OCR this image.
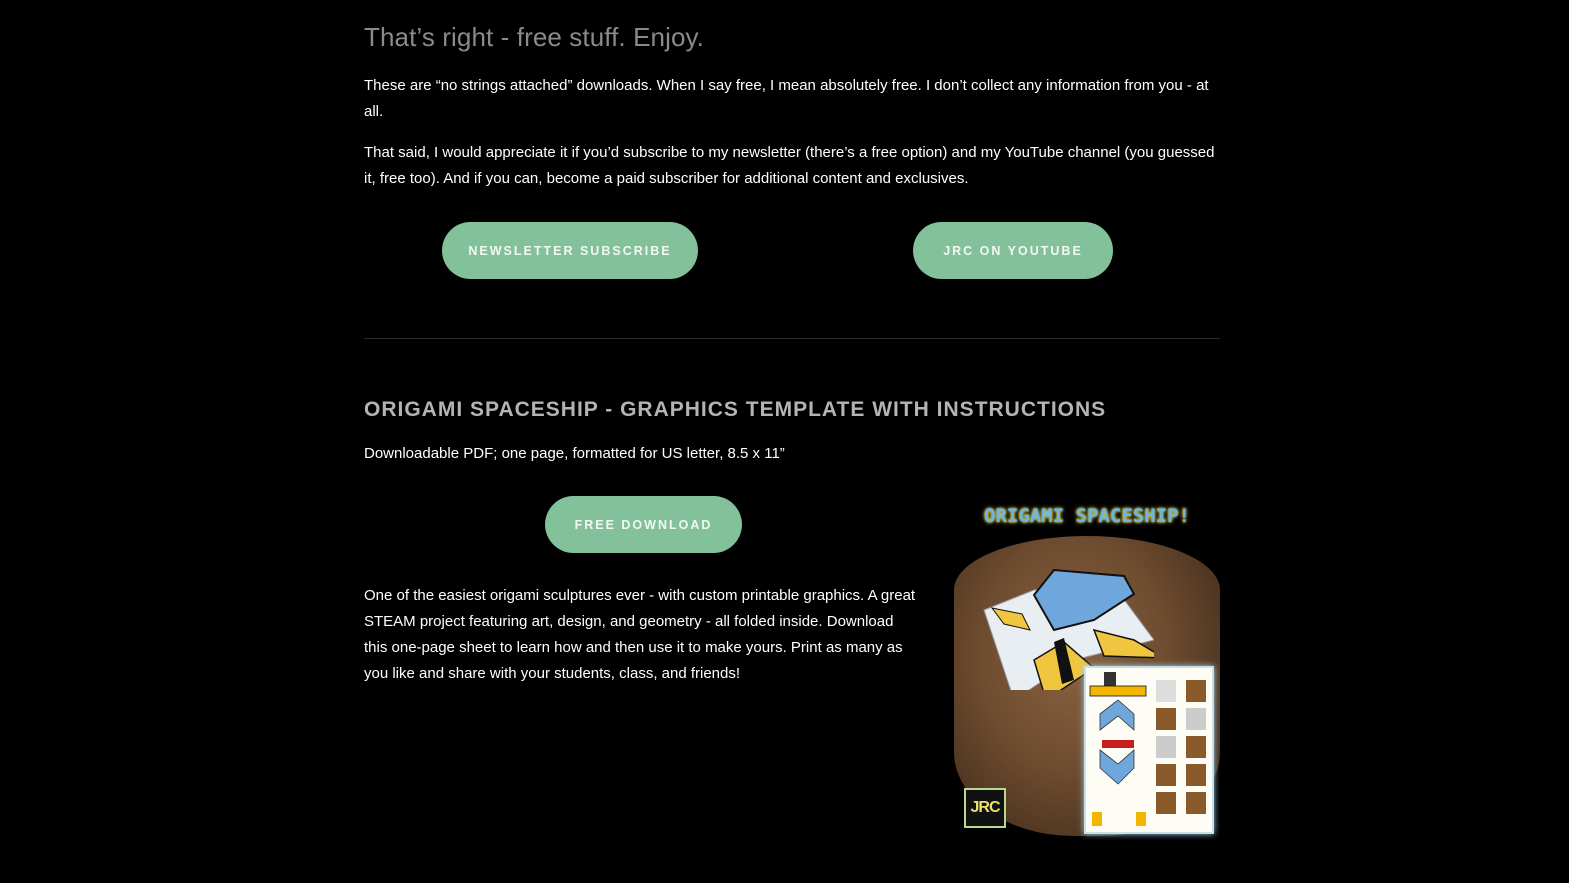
That’s right - free stuff. Enjoy.

These are “no strings attached” downloads. When I say free, I mean absolutely free. I don’t collect any information from you - at all.

That said, I would appreciate it if you’d subscribe to my newsletter (there’s a free option) and my YouTube channel (you guessed it, free too). And if you can, become a paid subscriber for additional content and exclusives.

NEWSLETTER SUBSCRIBE	JRC ON YOUTUBE
ORIGAMI SPACESHIP - GRAPHICS TEMPLATE WITH INSTRUCTIONS

Downloadable PDF; one page, formatted for US letter, 8.5 x 11”

FREE DOWNLOAD

One of the easiest origami sculptures ever - with custom printable graphics. A great STEAM project featuring art, design, and geometry - all folded inside. Download this one-page sheet to learn how and then use it to make yours. Print as many as you like and share with your students, class, and friends!

ORIGAMI SPACESHIP!
JRC
